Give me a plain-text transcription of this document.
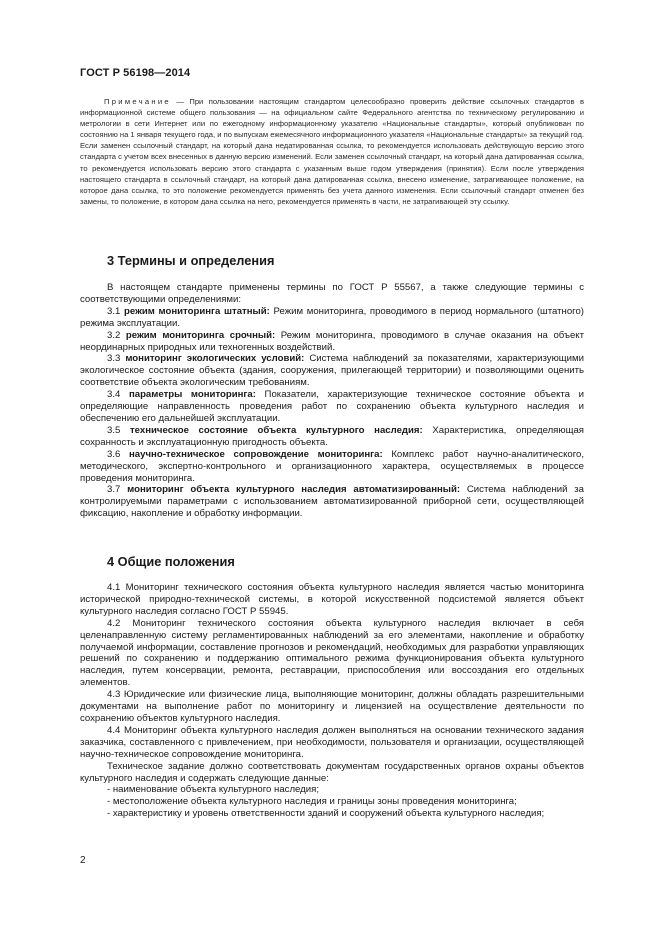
ГОСТ Р 56198—2014
Примечание — При пользовании настоящим стандартом целесообразно проверить действие ссылочных стандартов в информационной системе общего пользования — на официальном сайте Федерального агентства по техническому регулированию и метрологии в сети Интернет или по ежегодному информационному указателю «Национальные стандарты», который опубликован по состоянию на 1 января текущего года, и по выпускам ежемесячного информационного указателя «Национальные стандарты» за текущий год. Если заменен ссылочный стандарт, на который дана недатированная ссылка, то рекомендуется использовать действующую версию этого стандарта с учетом всех внесенных в данную версию изменений. Если заменен ссылочный стандарт, на который дана датированная ссылка, то рекомендуется использовать версию этого стандарта с указанным выше годом утверждения (принятия). Если после утверждения настоящего стандарта в ссылочный стандарт, на который дана датированная ссылка, внесено изменение, затрагивающее положение, на которое дана ссылка, то это положение рекомендуется применять без учета данного изменения. Если ссылочный стандарт отменен без замены, то положение, в котором дана ссылка на него, рекомендуется применять в части, не затрагивающей эту ссылку.
3 Термины и определения

В настоящем стандарте применены термины по ГОСТ Р 55567, а также следующие термины с соответствующими определениями:

3.1 режим мониторинга штатный: Режим мониторинга, проводимого в период нормального (штатного) режима эксплуатации.

3.2 режим мониторинга срочный: Режим мониторинга, проводимого в случае оказания на объект неординарных природных или техногенных воздействий.

3.3 мониторинг экологических условий: Система наблюдений за показателями, характеризующими экологическое состояние объекта (здания, сооружения, прилегающей территории) и позволяющими оценить соответствие объекта экологическим требованиям.

3.4 параметры мониторинга: Показатели, характеризующие техническое состояние объекта и определяющие направленность проведения работ по сохранению объекта культурного наследия и обеспечению его дальнейшей эксплуатации.

3.5 техническое состояние объекта культурного наследия: Характеристика, определяющая сохранность и эксплуатационную пригодность объекта.

3.6 научно-техническое сопровождение мониторинга: Комплекс работ научно-аналитического, методического, экспертно-контрольного и организационного характера, осуществляемых в процессе проведения мониторинга.

3.7 мониторинг объекта культурного наследия автоматизированный: Система наблюдений за контролируемыми параметрами с использованием автоматизированной приборной сети, осуществляющей фиксацию, накопление и обработку информации.

4 Общие положения

4.1 Мониторинг технического состояния объекта культурного наследия является частью мониторинга исторической природно-технической системы, в которой искусственной подсистемой является объект культурного наследия согласно ГОСТ Р 55945.

4.2 Мониторинг технического состояния объекта культурного наследия включает в себя целенаправленную систему регламентированных наблюдений за его элементами, накопление и обработку получаемой информации, составление прогнозов и рекомендаций, необходимых для разработки управляющих решений по сохранению и поддержанию оптимального режима функционирования объекта культурного наследия, путем консервации, ремонта, реставрации, приспособления или воссоздания его отдельных элементов.

4.3 Юридические или физические лица, выполняющие мониторинг, должны обладать разрешительными документами на выполнение работ по мониторингу и лицензией на осуществление деятельности по сохранению объектов культурного наследия.

4.4 Мониторинг объекта культурного наследия должен выполняться на основании технического задания заказчика, составленного с привлечением, при необходимости, пользователя и организации, осуществляющей научно-техническое сопровождение мониторинга.

Техническое задание должно соответствовать документам государственных органов охраны объектов культурного наследия и содержать следующие данные:

- наименование объекта культурного наследия;

- местоположение объекта культурного наследия и границы зоны проведения мониторинга;

- характеристику и уровень ответственности зданий и сооружений объекта культурного наследия;

2
